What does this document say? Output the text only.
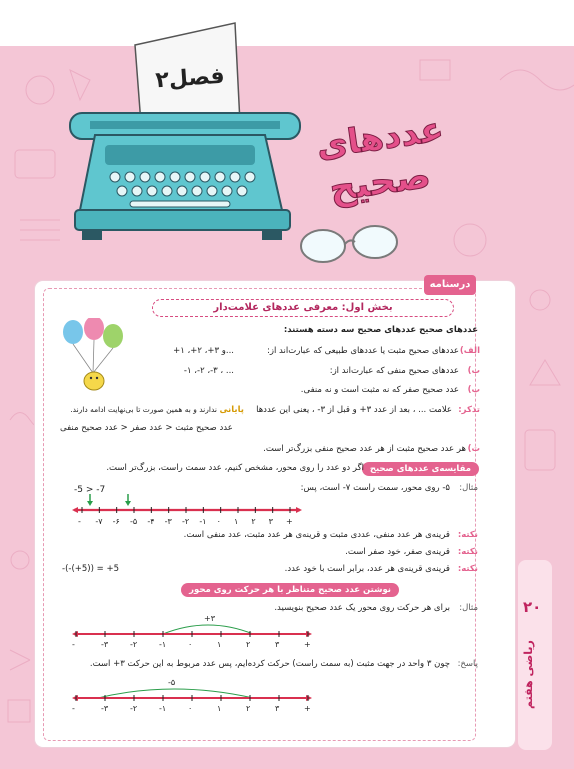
فصل۲
عددهای
صحیح
۲۰
ریاضی هفتم
درسنامه
بخش اول: معرفی عددهای علامت‌دار
عددهای صحیح عددهای صحیح سه دسته هستند:
الف)
عددهای صحیح مثبت یا عددهای طبیعی که عبارت‌اند از:
...و ۳+، ۲+، ۱+
ب)
عددهای صحیح منفی که عبارت‌اند از:
... ، ۳-، ۲-، ۱-
پ)
عدد صحیح صفر که نه مثبت است و نه منفی.
تذکر:
علامت ... ، بعد از عدد ۳+ و قبل از ۳- ، یعنی این عددها
پایانی
ندارند و به همین صورت تا بی‌نهایت ادامه دارند.
عدد صحیح مثبت < عدد صفر < عدد صحیح منفی
ت)
هر عدد صحیح مثبت از هر عدد صحیح منفی بزرگ‌تر است.
مقایسه‌ی عددهای صحیح
اگر دو عدد را روی محور، مشخص کنیم، عدد سمت راست، بزرگ‌تر است.
مثال:
۵- روی محور، سمت راست ۷- است، پس:
-5 > -7
+
۳
۲
۱
۰
-۱
-۲
-۳
-۴
-۵
-۶
-۷
-
نکته:
قرینه‌ی هر عدد منفی، عددی مثبت و قرینه‌ی هر عدد مثبت، عدد منفی است.
نکته:
قرینه‌ی صفر، خود صفر است.
نکته:
قرینه‌ی قرینه‌ی هر عدد، برابر است با خود عدد.
-(-(+5)) = +5
نوشتن عدد صحیح متناظر با هر حرکت روی محور
مثال:
برای هر حرکت روی محور یک عدد صحیح بنویسید.
+۳
-	-۳	-۲	-۱	۰	۱	۲	۳	+
پاسخ:
چون ۳ واحد در جهت مثبت (به سمت راست) حرکت کرده‌ایم، پس عدد مربوط به این حرکت ۳+ است.
-۵
-	-۳	-۲	-۱	۰	۱	۲	۳	+
